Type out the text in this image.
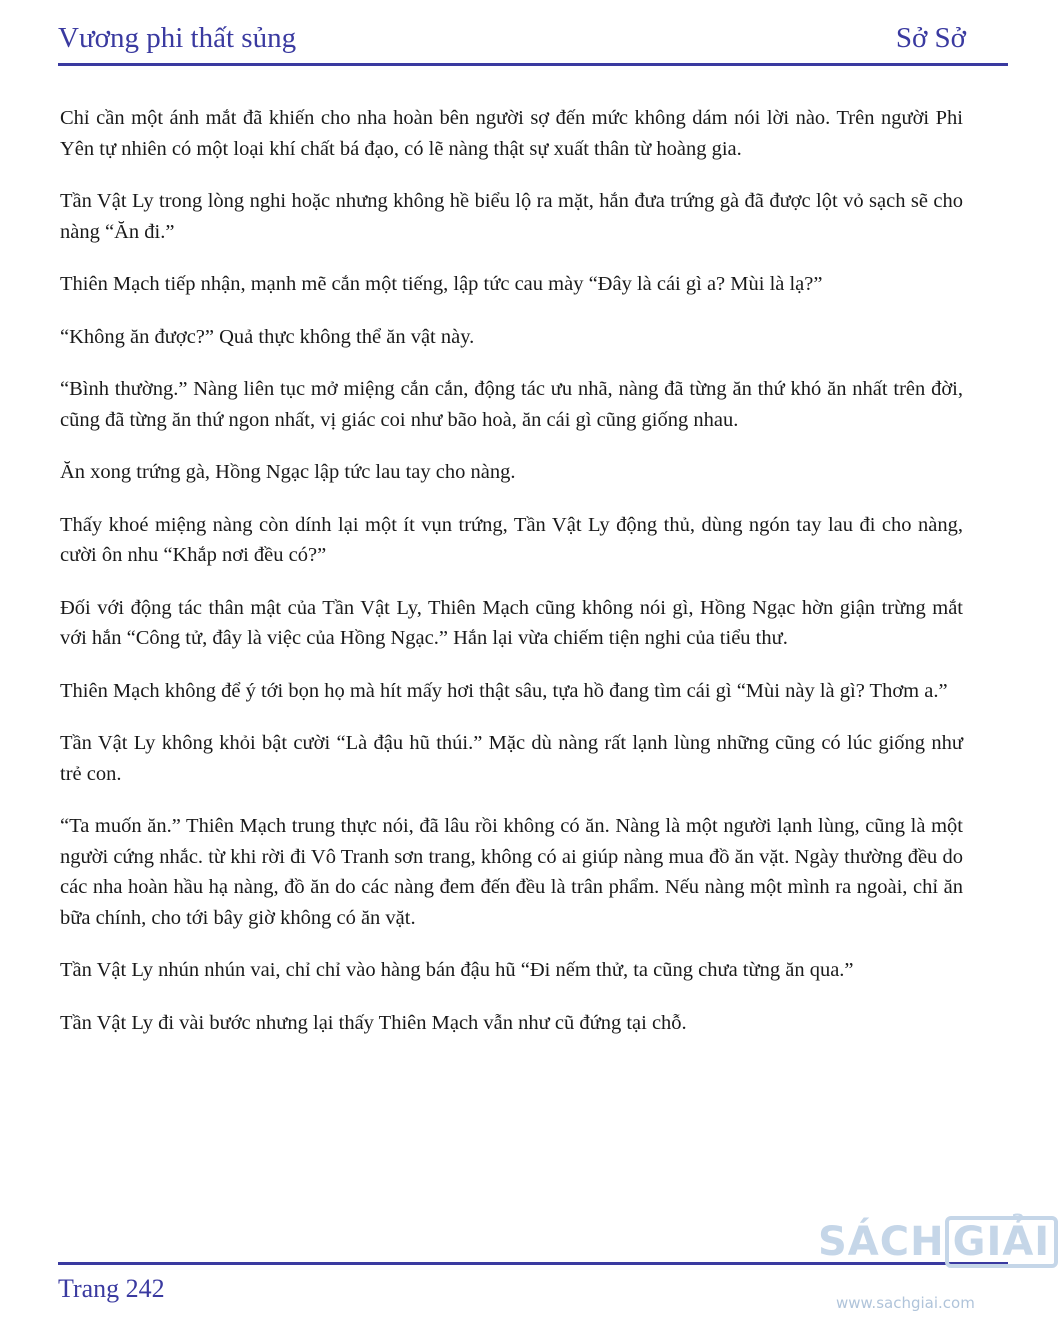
Vương phi thất sủng	Sở Sở

Chỉ cần một ánh mắt đã khiến cho nha hoàn bên người sợ đến mức không dám nói lời nào. Trên người Phi Yên tự nhiên có một loại khí chất bá đạo, có lẽ nàng thật sự xuất thân từ hoàng gia.

Tần Vật Ly trong lòng nghi hoặc nhưng không hề biểu lộ ra mặt, hắn đưa trứng gà đã được lột vỏ sạch sẽ cho nàng “Ăn đi.”

Thiên Mạch tiếp nhận, mạnh mẽ cắn một tiếng, lập tức cau mày “Đây là cái gì a? Mùi là lạ?”

“Không ăn được?” Quả thực không thể ăn vật này.

“Bình thường.” Nàng liên tục mở miệng cắn cắn, động tác ưu nhã, nàng đã từng ăn thứ khó ăn nhất trên đời, cũng đã từng ăn thứ ngon nhất, vị giác coi như bão hoà, ăn cái gì cũng giống nhau.

Ăn xong trứng gà, Hồng Ngạc lập tức lau tay cho nàng.

Thấy khoé miệng nàng còn dính lại một ít vụn trứng, Tần Vật Ly động thủ, dùng ngón tay lau đi cho nàng, cười ôn nhu “Khắp nơi đều có?”

Đối với động tác thân mật của Tần Vật Ly, Thiên Mạch cũng không nói gì, Hồng Ngạc hờn giận trừng mắt với hắn “Công tử, đây là việc của Hồng Ngạc.” Hắn lại vừa chiếm tiện nghi của tiểu thư.

Thiên Mạch không để ý tới bọn họ mà hít mấy hơi thật sâu, tựa hồ đang tìm cái gì “Mùi này là gì? Thơm a.”

Tần Vật Ly không khỏi bật cười “Là đậu hũ thúi.” Mặc dù nàng rất lạnh lùng những cũng có lúc giống như trẻ con.

“Ta muốn ăn.” Thiên Mạch trung thực nói, đã lâu rồi không có ăn. Nàng là một người lạnh lùng, cũng là một người cứng nhắc. từ khi rời đi Vô Tranh sơn trang, không có ai giúp nàng mua đồ ăn vặt. Ngày thường đều do các nha hoàn hầu hạ nàng, đồ ăn do các nàng đem đến đều là trân phẩm. Nếu nàng một mình ra ngoài, chỉ ăn bữa chính, cho tới bây giờ không có ăn vặt.

Tần Vật Ly nhún nhún vai, chỉ chỉ vào hàng bán đậu hũ “Đi nếm thử, ta cũng chưa từng ăn qua.”

Tần Vật Ly đi vài bước nhưng lại thấy Thiên Mạch vẫn như cũ đứng tại chỗ.

Trang 242
SÁCH GIẢI
www.sachgiai.com
